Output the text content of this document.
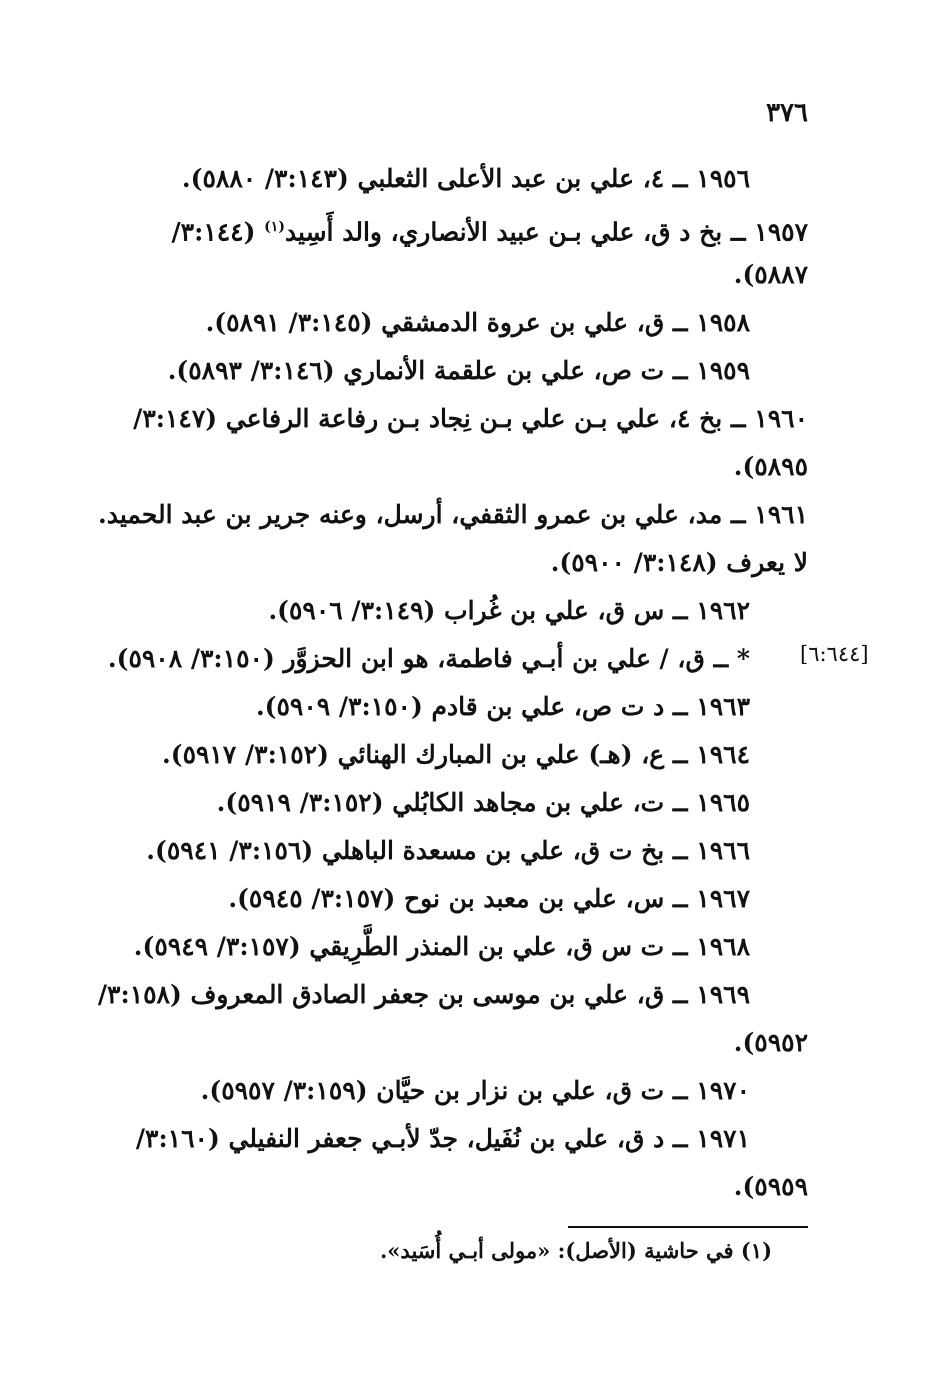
٣٧٦
١٩٥٦ ــ ٤، علي بن عبد الأعلى الثعلبي (٣:١٤٣/ ٥٨٨٠).
١٩٥٧ ــ بخ د ق، علي بـن عبيد الأنصاري، والد أَسِيد$^{(١)}$ (٣:١٤٤/
٥٨٨٧).
١٩٥٨ ــ ق، علي بن عروة الدمشقي (٣:١٤٥/ ٥٨٩١).
١٩٥٩ ــ ت ص، علي بن علقمة الأنماري (٣:١٤٦/ ٥٨٩٣).
١٩٦٠ ــ بخ ٤، علي بـن علي بـن نِجاد بـن رفاعة الرفاعي (٣:١٤٧/
٥٨٩٥).
١٩٦١ ــ مد، علي بن عمرو الثقفي، أرسل، وعنه جرير بن عبد الحميد.
لا يعرف (٣:١٤٨/ ٥٩٠٠).
١٩٦٢ ــ س ق، علي بن غُراب (٣:١٤٩/ ٥٩٠٦).
* ــ ق، / علي بن أبـي فاطمة، هو ابن الحزوَّر (٣:١٥٠/ ٥٩٠٨).
١٩٦٣ ــ د ت ص، علي بن قادم (٣:١٥٠/ ٥٩٠٩).
١٩٦٤ ــ ع، (هـ) علي بن المبارك الهنائي (٣:١٥٢/ ٥٩١٧).
١٩٦٥ ــ ت، علي بن مجاهد الكابُلي (٣:١٥٢/ ٥٩١٩).
١٩٦٦ ــ بخ ت ق، علي بن مسعدة الباهلي (٣:١٥٦/ ٥٩٤١).
١٩٦٧ ــ س، علي بن معبد بن نوح (٣:١٥٧/ ٥٩٤٥).
١٩٦٨ ــ ت س ق، علي بن المنذر الطَّرِيقي (٣:١٥٧/ ٥٩٤٩).
١٩٦٩ ــ ق، علي بن موسى بن جعفر الصادق المعروف (٣:١٥٨/
٥٩٥٢).
١٩٧٠ ــ ت ق، علي بن نزار بن حيَّان (٣:١٥٩/ ٥٩٥٧).
١٩٧١ ــ د ق، علي بن نُفَيل، جدّ لأبـي جعفر النفيلي (٣:١٦٠/
٥٩٥٩).
[٦:٦٤٤]
(١) في حاشية (الأصل): «مولى أبـي أُسَيد».
